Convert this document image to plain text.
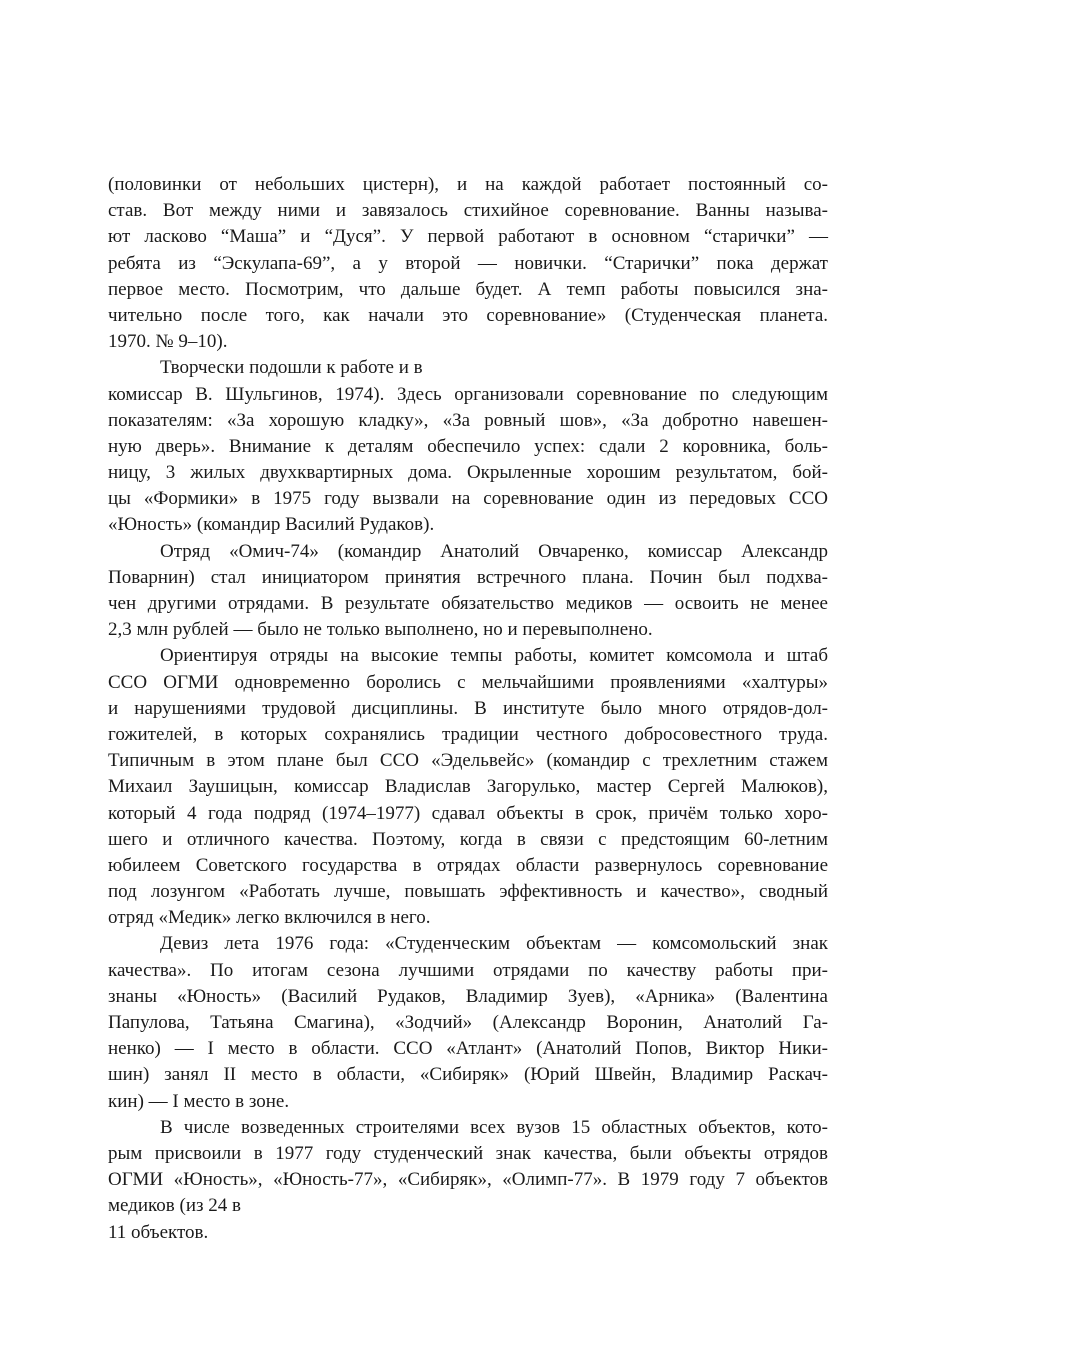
(половинки от небольших цистерн), и на каждой работает постоянный со-
став. Вот между ними и завязалось стихийное соревнование. Ванны называ-
ют ласково “Маша” и “Дуся”. У первой работают в основном “старички” —
ребята из “Эскулапа-69”, а у второй — новички. “Старички” пока держат
первое место. Посмотрим, что дальше будет. А темп работы повысился зна-
чительно после того, как начали это соревнование» (Студенческая планета.
1970. № 9–10).
Творчески подошли к работе и в
комиссар В. Шульгинов, 1974). Здесь организовали соревнование по следующим
показателям: «За хорошую кладку», «За ровный шов», «За добротно навешен-
ную дверь». Внимание к деталям обеспечило успех: сдали 2 коровника, боль-
ницу, 3 жилых двухквартирных дома. Окрыленные хорошим результатом, бой-
цы «Формики» в 1975 году вызвали на соревнование один из передовых ССО
«Юность» (командир Василий Рудаков).
Отряд «Омич-74» (командир Анатолий Овчаренко, комиссар Александр
Поварнин) стал инициатором принятия встречного плана. Почин был подхва-
чен другими отрядами. В результате обязательство медиков — освоить не менее
2,3 млн рублей — было не только выполнено, но и перевыполнено.
Ориентируя отряды на высокие темпы работы, комитет комсомола и штаб
ССО ОГМИ одновременно боролись с мельчайшими проявлениями «халтуры»
и нарушениями трудовой дисциплины. В институте было много отрядов-дол-
гожителей, в которых сохранялись традиции честного добросовестного труда.
Типичным в этом плане был ССО «Эдельвейс» (командир с трехлетним стажем
Михаил Заушицын, комиссар Владислав Загорулько, мастер Сергей Малюков),
который 4 года подряд (1974–1977) сдавал объекты в срок, причём только хоро-
шего и отличного качества. Поэтому, когда в связи с предстоящим 60-летним
юбилеем Советского государства в отрядах области развернулось соревнование
под лозунгом «Работать лучше, повышать эффективность и качество», сводный
отряд «Медик» легко включился в него.
Девиз лета 1976 года: «Студенческим объектам — комсомольский знак
качества». По итогам сезона лучшими отрядами по качеству работы при-
знаны «Юность» (Василий Рудаков, Владимир Зуев), «Арника» (Валентина
Папулова, Татьяна Смагина), «Зодчий» (Александр Воронин, Анатолий Га-
ненко) — I место в области. ССО «Атлант» (Анатолий Попов, Виктор Ники-
шин) занял II место в области, «Сибиряк» (Юрий Швейн, Владимир Раскач-
кин) — I место в зоне.
В числе возведенных строителями всех вузов 15 областных объектов, кото-
рым присвоили в 1977 году студенческий знак качества, были объекты отрядов
ОГМИ «Юность», «Юность-77», «Сибиряк», «Олимп-77». В 1979 году 7 объектов
медиков (из 24 в
11 объектов.
